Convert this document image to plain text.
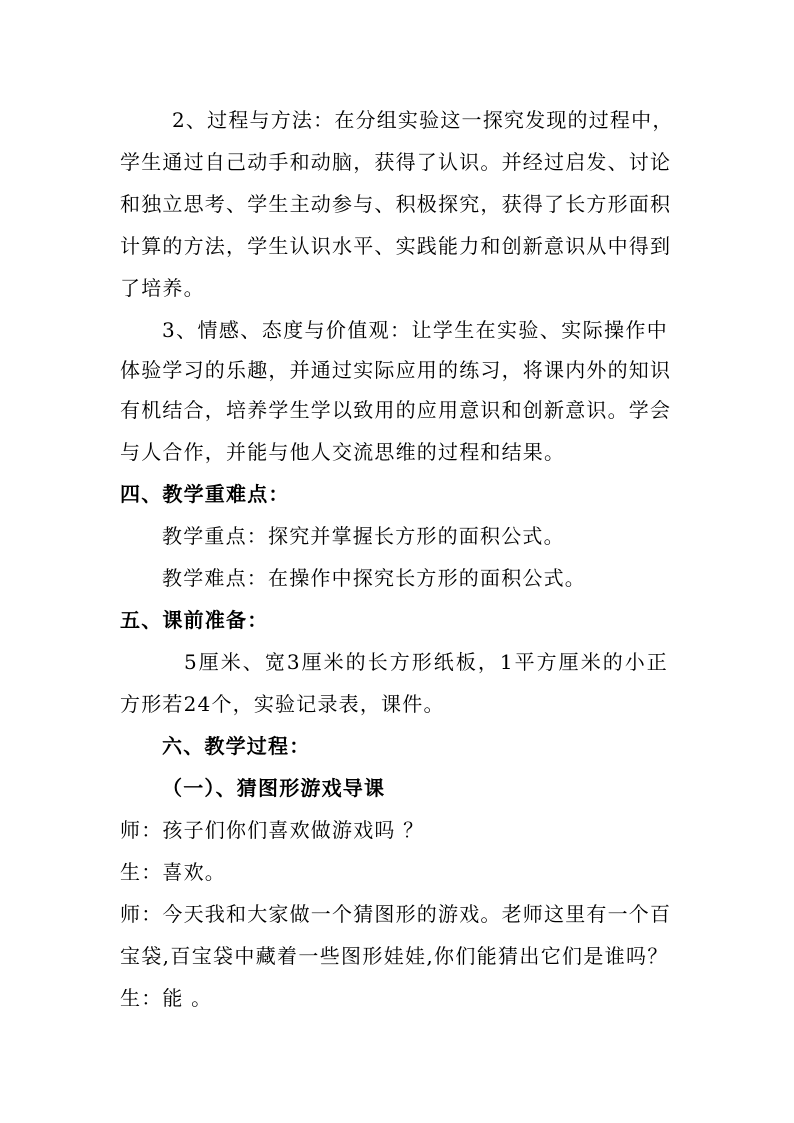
2、过程与方法：在分组实验这一探究发现的过程中，
学生通过自己动手和动脑，获得了认识。并经过启发、讨论
和独立思考、学生主动参与、积极探究，获得了长方形面积
计算的方法，学生认识水平、实践能力和创新意识从中得到
了培养。
3、情感、态度与价值观：让学生在实验、实际操作中
体验学习的乐趣，并通过实际应用的练习，将课内外的知识
有机结合，培养学生学以致用的应用意识和创新意识。学会
与人合作，并能与他人交流思维的过程和结果。
四、教学重难点：
教学重点：探究并掌握长方形的面积公式。
教学难点：在操作中探究长方形的面积公式。
五、课前准备：
5厘米、宽3厘米的长方形纸板，1平方厘米的小正
方形若24个，实验记录表，课件。
六、教学过程：
（一）、猜图形游戏导课
师：孩子们你们喜欢做游戏吗 ？
生：喜欢。
师：今天我和大家做一个猜图形的游戏。老师这里有一个百
宝袋,百宝袋中藏着一些图形娃娃,你们能猜出它们是谁吗？
生：能 。
